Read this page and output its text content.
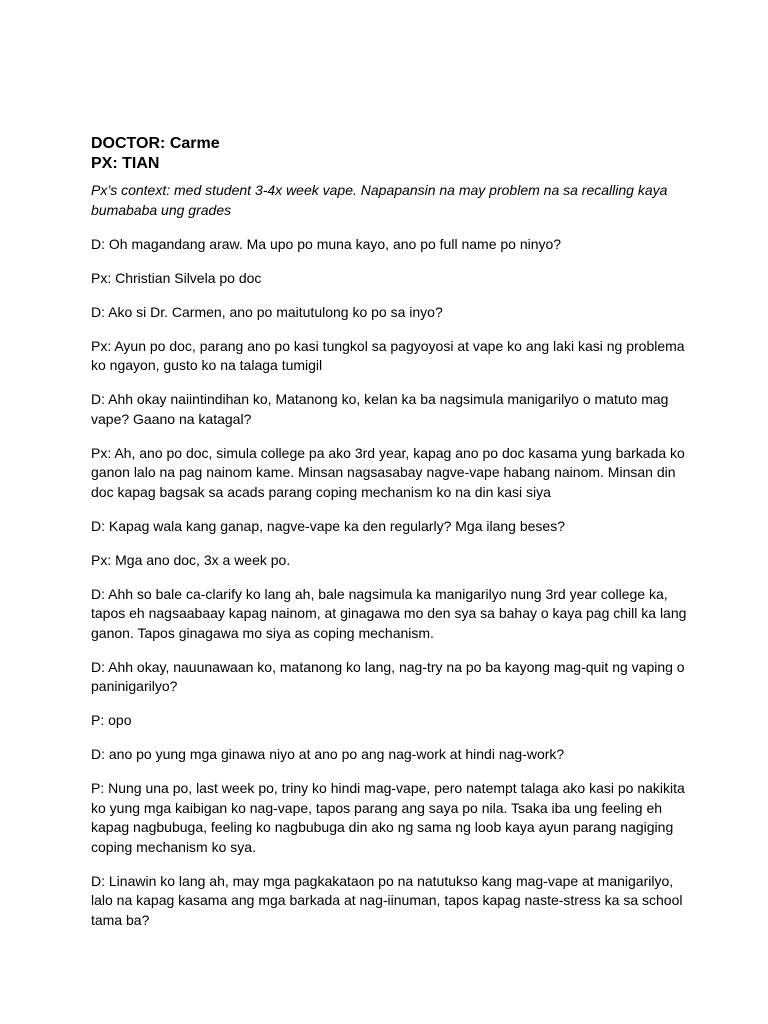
DOCTOR: Carme

PX: TIAN

Px’s context: med student 3-4x week vape. Napapansin na may problem na sa recalling kaya bumababa ung grades

D: Oh magandang araw. Ma upo po muna kayo, ano po full name po ninyo?

Px: Christian Silvela po doc

D: Ako si Dr. Carmen, ano po maitutulong ko po sa inyo?

Px: Ayun po doc, parang ano po kasi tungkol sa pagyoyosi at vape ko ang laki kasi ng problema ko ngayon, gusto ko na talaga tumigil

D: Ahh okay naiintindihan ko, Matanong ko, kelan ka ba nagsimula manigarilyo o matuto mag vape? Gaano na katagal?

Px: Ah, ano po doc, simula college pa ako 3rd year, kapag ano po doc kasama yung barkada ko ganon lalo na pag nainom kame. Minsan nagsasabay nagve-vape habang nainom. Minsan din doc kapag bagsak sa acads parang coping mechanism ko na din kasi siya

D: Kapag wala kang ganap, nagve-vape ka den regularly? Mga ilang beses?

Px: Mga ano doc, 3x a week po.

D: Ahh so bale ca-clarify ko lang ah, bale nagsimula ka manigarilyo nung 3rd year college ka, tapos eh nagsaabaay kapag nainom, at ginagawa mo den sya sa bahay o kaya pag chill ka lang ganon. Tapos ginagawa mo siya as coping mechanism.

D: Ahh okay, nauunawaan ko, matanong ko lang, nag-try na po ba kayong mag-quit ng vaping o paninigarilyo?

P: opo

D: ano po yung mga ginawa niyo at ano po ang nag-work at hindi nag-work?

P: Nung una po, last week po, triny ko hindi mag-vape, pero natempt talaga ako kasi po nakikita ko yung mga kaibigan ko nag-vape, tapos parang ang saya po nila. Tsaka iba ung feeling eh kapag nagbubuga, feeling ko nagbubuga din ako ng sama ng loob kaya ayun parang nagiging coping mechanism ko sya.

D: Linawin ko lang ah, may mga pagkakataon po na natutukso kang mag-vape at manigarilyo, lalo na kapag kasama ang mga barkada at nag-iinuman, tapos kapag naste-stress ka sa school tama ba?
